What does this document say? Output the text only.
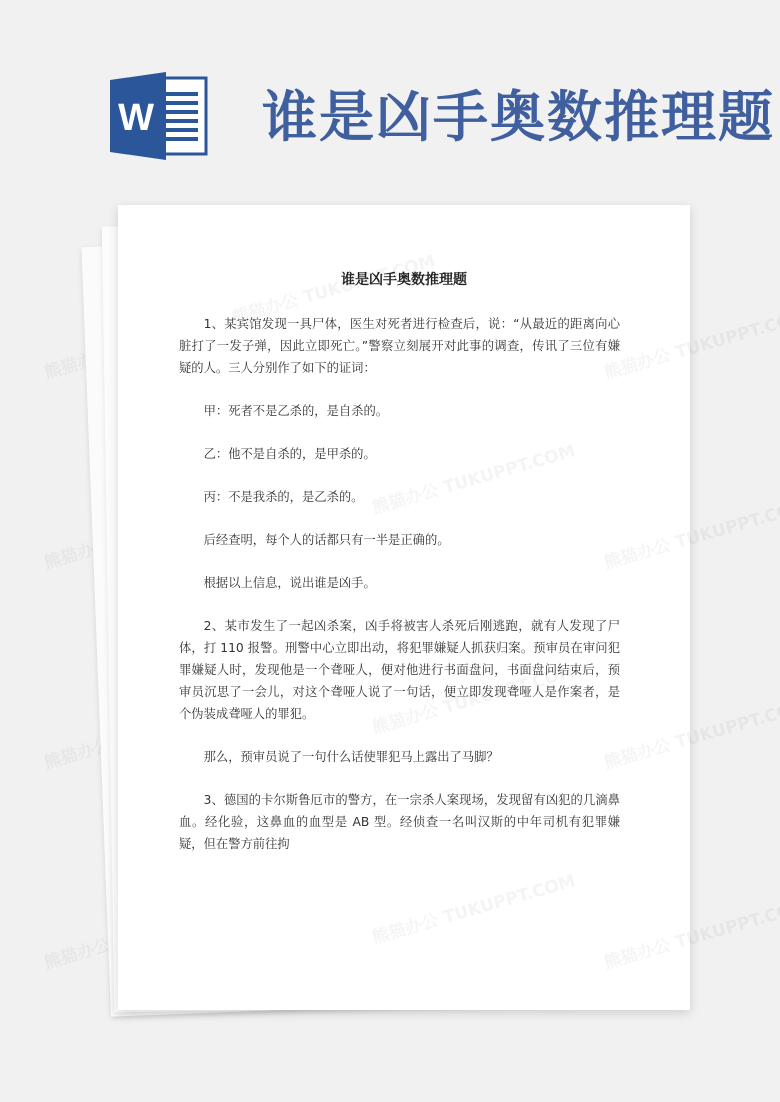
W 谁是凶手奥数推理题
谁是凶手奥数推理题

1、某宾馆发现一具尸体，医生对死者进行检查后，说：“从最近的距离向心脏打了一发子弹，因此立即死亡。”警察立刻展开对此事的调查，传讯了三位有嫌疑的人。三人分别作了如下的证词：

甲：死者不是乙杀的，是自杀的。

乙：他不是自杀的，是甲杀的。

丙：不是我杀的，是乙杀的。

后经查明，每个人的话都只有一半是正确的。

根据以上信息，说出谁是凶手。

2、某市发生了一起凶杀案，凶手将被害人杀死后刚逃跑，就有人发现了尸体，打 110 报警。刑警中心立即出动，将犯罪嫌疑人抓获归案。预审员在审问犯罪嫌疑人时，发现他是一个聋哑人，便对他进行书面盘问，书面盘问结束后，预审员沉思了一会儿，对这个聋哑人说了一句话，便立即发现聋哑人是作案者，是个伪装成聋哑人的罪犯。

那么，预审员说了一句什么话使罪犯马上露出了马脚？

3、德国的卡尔斯鲁厄市的警方，在一宗杀人案现场，发现留有凶犯的几滴鼻血。经化验，这鼻血的血型是 AB 型。经侦查一名叫汉斯的中年司机有犯罪嫌疑，但在警方前往拘
